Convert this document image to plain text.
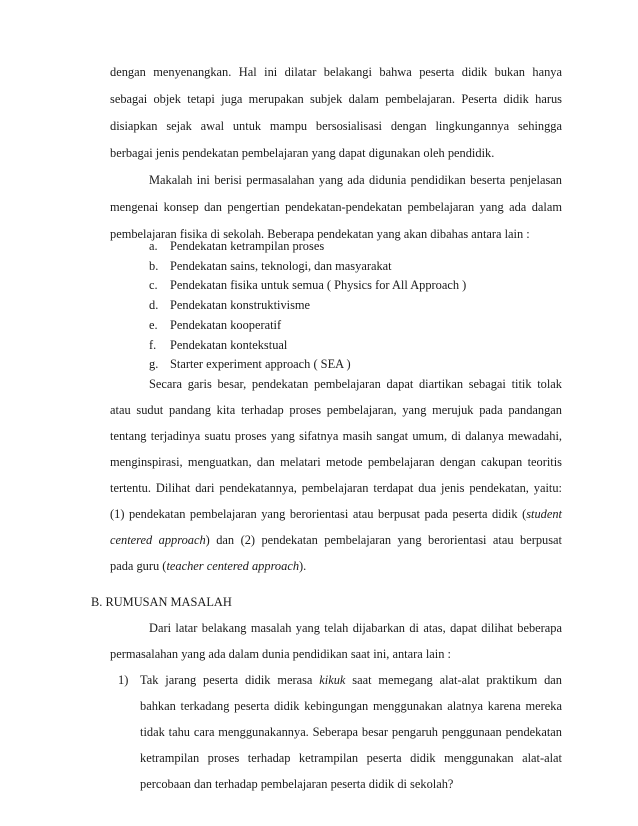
dengan menyenangkan. Hal ini dilatar belakangi bahwa peserta didik bukan hanya
sebagai objek tetapi juga merupakan subjek dalam pembelajaran. Peserta didik harus
disiapkan sejak awal untuk mampu bersosialisasi dengan lingkungannya sehingga
berbagai jenis pendekatan pembelajaran yang dapat digunakan oleh pendidik.
Makalah ini berisi permasalahan yang ada didunia pendidikan beserta penjelasan
mengenai konsep dan pengertian pendekatan-pendekatan pembelajaran yang ada dalam
pembelajaran fisika di sekolah. Beberapa pendekatan yang akan dibahas antara lain :
a. Pendekatan ketrampilan proses
b. Pendekatan sains, teknologi, dan masyarakat
c. Pendekatan fisika untuk semua ( Physics for All Approach )
d. Pendekatan konstruktivisme
e. Pendekatan kooperatif
f. Pendekatan kontekstual
g. Starter experiment approach ( SEA )
Secara garis besar, pendekatan pembelajaran dapat diartikan sebagai titik tolak
atau sudut pandang kita terhadap proses pembelajaran, yang merujuk pada pandangan
tentang terjadinya suatu proses yang sifatnya masih sangat umum, di dalanya mewadahi,
menginspirasi, menguatkan, dan melatari metode pembelajaran dengan cakupan teoritis
tertentu. Dilihat dari pendekatannya, pembelajaran terdapat dua jenis pendekatan, yaitu:
(1) pendekatan pembelajaran yang berorientasi atau berpusat pada peserta didik (student
centered approach) dan (2) pendekatan pembelajaran yang berorientasi atau berpusat
pada guru (teacher centered approach).
B. RUMUSAN MASALAH
Dari latar belakang masalah yang telah dijabarkan di atas, dapat dilihat beberapa
permasalahan yang ada dalam dunia pendidikan saat ini, antara lain :
1) Tak jarang peserta didik merasa kikuk saat memegang alat-alat praktikum dan
bahkan terkadang peserta didik kebingungan menggunakan alatnya karena mereka
tidak tahu cara menggunakannya. Seberapa besar pengaruh penggunaan pendekatan
ketrampilan proses terhadap ketrampilan peserta didik menggunakan alat-alat
percobaan dan terhadap pembelajaran peserta didik di sekolah?
